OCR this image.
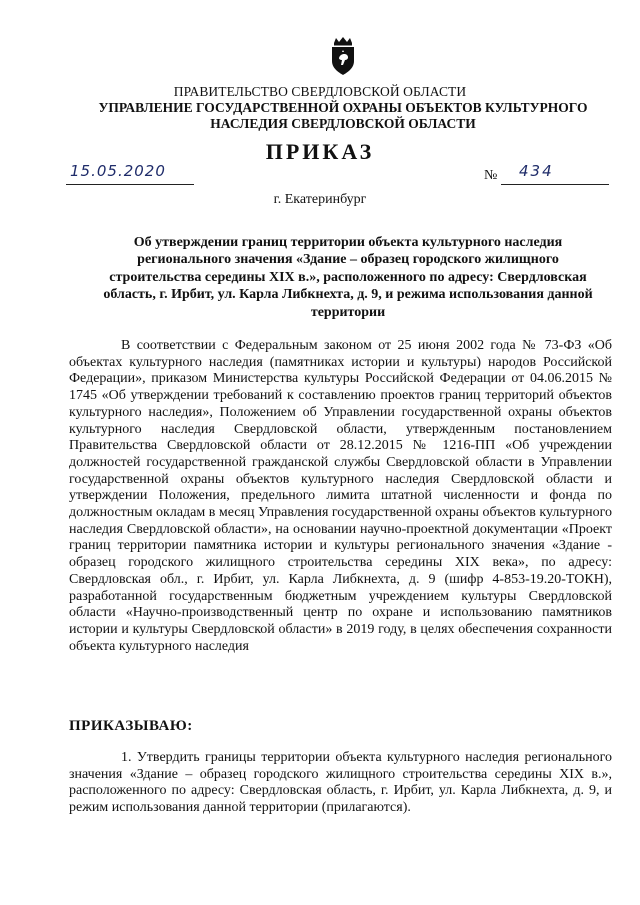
ПРАВИТЕЛЬСТВО СВЕРДЛОВСКОЙ ОБЛАСТИ
УПРАВЛЕНИЕ ГОСУДАРСТВЕННОЙ ОХРАНЫ ОБЪЕКТОВ КУЛЬТУРНОГО НАСЛЕДИЯ СВЕРДЛОВСКОЙ ОБЛАСТИ
ПРИКАЗ
15.05.2020	№ 434
г. Екатеринбург
Об утверждении границ территории объекта культурного наследия регионального значения «Здание – образец городского жилищного строительства середины XIX в.», расположенного по адресу: Свердловская область, г. Ирбит, ул. Карла Либкнехта, д. 9, и режима использования данной территории
В соответствии с Федеральным законом от 25 июня 2002 года № 73-ФЗ «Об объектах культурного наследия (памятниках истории и культуры) народов Российской Федерации», приказом Министерства культуры Российской Федерации от 04.06.2015 № 1745 «Об утверждении требований к составлению проектов границ территорий объектов культурного наследия», Положением об Управлении государственной охраны объектов культурного наследия Свердловской области, утвержденным постановлением Правительства Свердловской области от 28.12.2015 № 1216-ПП «Об учреждении должностей государственной гражданской службы Свердловской области в Управлении государственной охраны объектов культурного наследия Свердловской области и утверждении Положения, предельного лимита штатной численности и фонда по должностным окладам в месяц Управления государственной охраны объектов культурного наследия Свердловской области», на основании научно-проектной документации «Проект границ территории памятника истории и культуры регионального значения «Здание - образец городского жилищного строительства середины XIX века», по адресу: Свердловская обл., г. Ирбит, ул. Карла Либкнехта, д. 9 (шифр 4-853-19.20-ТОКН), разработанной государственным бюджетным учреждением культуры Свердловской области «Научно-производственный центр по охране и использованию памятников истории и культуры Свердловской области» в 2019 году, в целях обеспечения сохранности объекта культурного наследия
ПРИКАЗЫВАЮ:
1. Утвердить границы территории объекта культурного наследия регионального значения «Здание – образец городского жилищного строительства середины XIX в.», расположенного по адресу: Свердловская область, г. Ирбит, ул. Карла Либкнехта, д. 9, и режим использования данной территории (прилагаются).
